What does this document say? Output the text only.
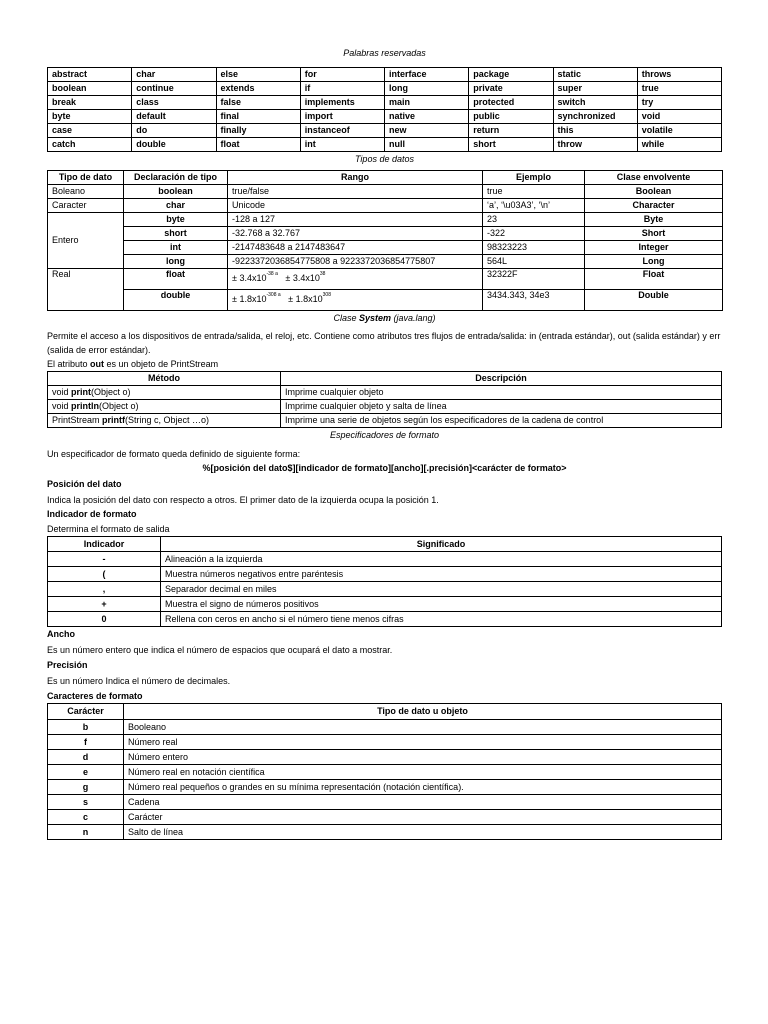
Palabras reservadas
abstract	char	else	for	interface	package	static	throws
boolean	continue	extends	if	long	private	super	true
break	class	false	implements	main	protected	switch	try
byte	default	final	import	native	public	synchronized	void
case	do	finally	instanceof	new	return	this	volatile
catch	double	float	int	null	short	throw	while
Tipos de datos
Tipo de dato	Declaración de tipo	Rango	Ejemplo	Clase envolvente
Boleano	boolean	true/false	true	Boolean
Caracter	char	Unicode	‘a’, ‘\u03A3’, ‘\n’	Character
Entero	byte	-128 a 127	23	Byte
	short	-32.768 a 32.767	-322	Short
	int	-2147483648 a 2147483647	98323223	Integer
	long	-9223372036854775808 a 9223372036854775807	564L	Long
Real	float	± $3.4x10^{-38 a} \pm 3.4x10^{38}$	32322F	Float
	double	± $1.8x10^{-308 a} \pm 1.8x10^{308}$	3434.343, 34e3	Double
Clase System (java.lang)

Permite el acceso a los dispositivos de entrada/salida, el reloj, etc. Contiene como atributos tres flujos de entrada/salida: in (entrada estándar), out (salida estándar) y err (salida de error estándar).

El atributo out es un objeto de PrintStream

Método	Descripción
void print(Object o)	Imprime cualquier objeto
void println(Object o)	Imprime cualquier objeto y salta de línea
PrintStream printf(String c, Object …o)	Imprime una serie de objetos según los especificadores de la cadena de control
Especificadores de formato

Un especificador de formato queda definido de siguiente forma:

%[posición del dato$][indicador de formato][ancho][.precisión]<carácter de formato>

Posición del dato

Indica la posición del dato con respecto a otros. El primer dato de la izquierda ocupa la posición 1.

Indicador de formato

Determina el formato de salida

Indicador	Significado
-	Alineación a la izquierda
(	Muestra números negativos entre paréntesis
,	Separador decimal en miles
+	Muestra el signo de números positivos
0	Rellena con ceros en ancho si el número tiene menos cifras

Ancho

Es un número entero que indica el número de espacios que ocupará el dato a mostrar.

Precisión

Es un número Indica el número de decimales.

Caracteres de formato

Carácter	Tipo de dato u objeto
b	Booleano
f	Número real
d	Número entero
e	Número real en notación científica
g	Número real pequeños o grandes en su mínima representación (notación científica).
s	Cadena
c	Carácter
n	Salto de línea
